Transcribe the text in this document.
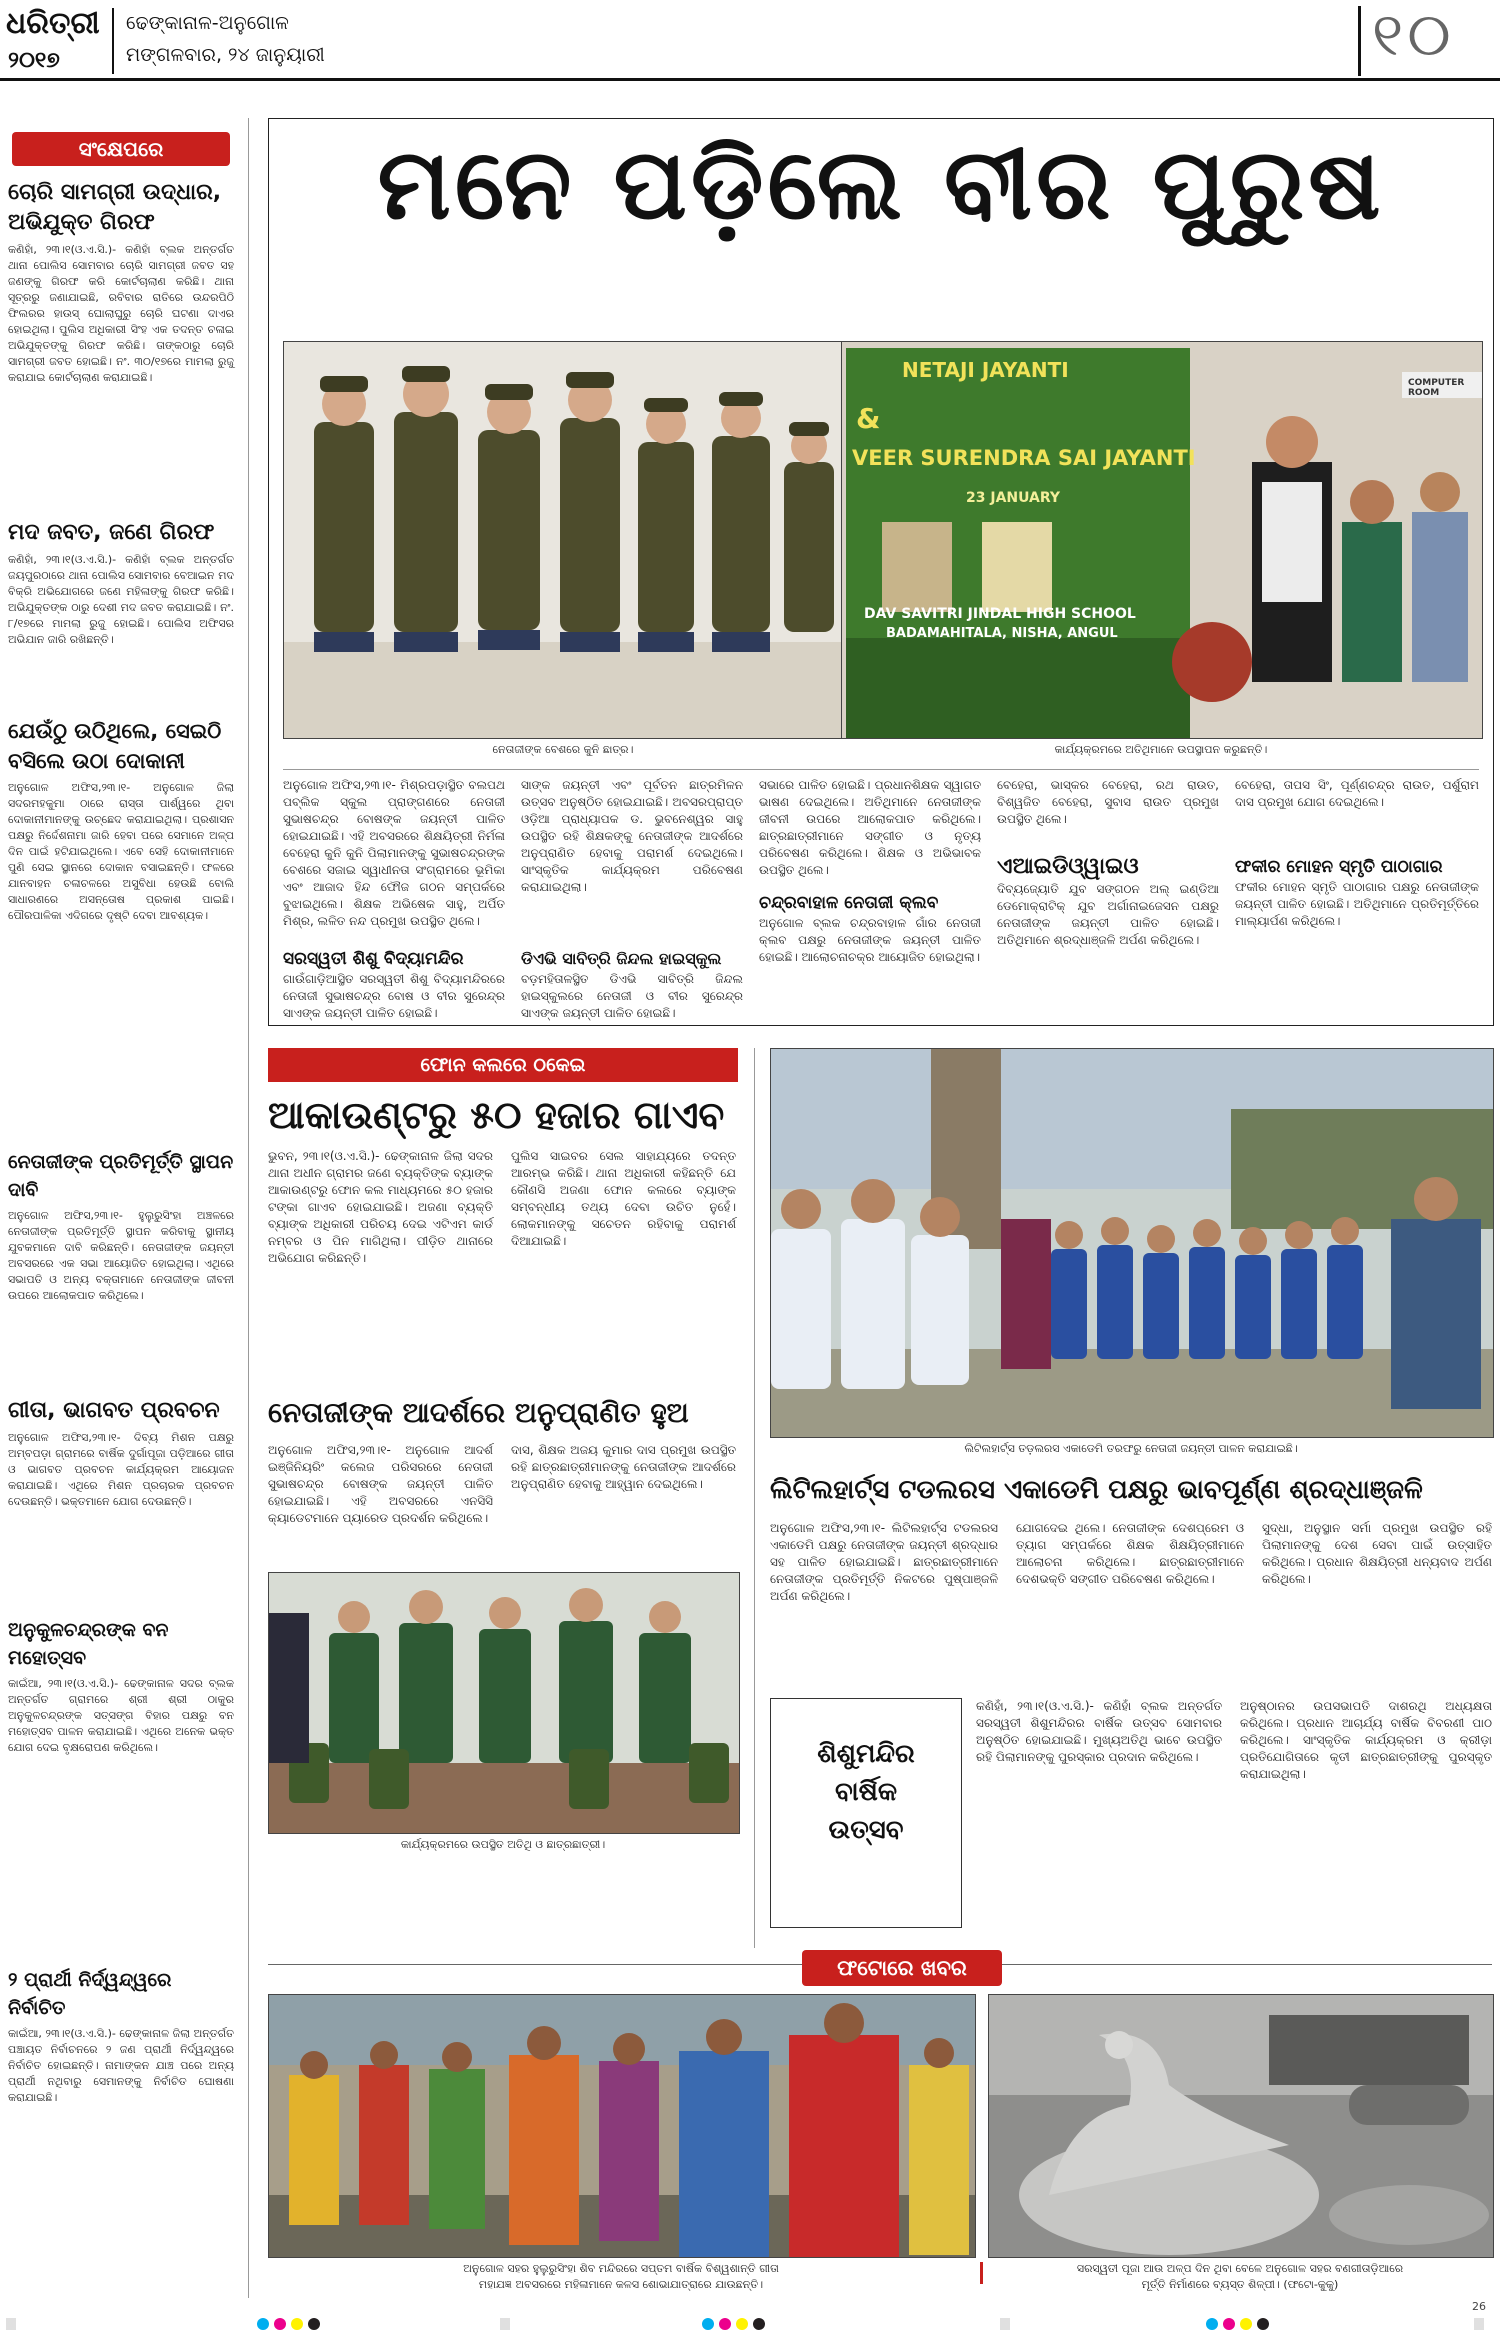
ଧରିତ୍ରୀ
୨୦୧୭
ଢେଙ୍କାନାଳ-ଅନୁଗୋଳ
ମଙ୍ଗଳବାର, ୨୪ ଜାନୁୟାରୀ	୧୦
ସଂକ୍ଷେପରେ
ଚୋରି ସାମଗ୍ରୀ ଉଦ୍ଧାର, ଅଭିଯୁକ୍ତ ଗିରଫ
କଣିହାଁ, ୨୩।୧(ଓ.ଏ.ସି.)- କଣିହାଁ ବ୍ଲକ ଅନ୍ତର୍ଗତ ଥାନା ପୋଲିସ ସୋମବାର ଚୋରି ସାମଗ୍ରୀ ଜବତ ସହ ଜଣଙ୍କୁ ଗିରଫ କରି କୋର୍ଟଚାଲାଣ କରିଛି। ଥାନା ସୂତ୍ରରୁ ଜଣାଯାଇଛି, ରବିବାର ରାତିରେ ଉନ୍ଦରପିଠି ଫିଲରର ହାଉସ୍ ଘୋଲାଘୁରୁ ଚୋରି ଘଟଣା ଦାଏର ହୋଇଥିଲା। ପୁଲିସ ଅଧିକାରୀ ସିଂହ ଏକ ତଦନ୍ତ ଚଳାଇ ଅଭିଯୁକ୍ତଙ୍କୁ ଗିରଫ କରିଛି। ତାଙ୍କଠାରୁ ଚୋରି ସାମଗ୍ରୀ ଜବତ ହୋଇଛି। ନଂ. ୩୦/୧୭ରେ ମାମଲା ରୁଜୁ କରାଯାଇ କୋର୍ଟଚାଲାଣ କରାଯାଇଛି।
ମଦ ଜବତ, ଜଣେ ଗିରଫ
କଣିହାଁ, ୨୩।୧(ଓ.ଏ.ସି.)- କଣିହାଁ ବ୍ଲକ ଅନ୍ତର୍ଗତ ଜୟପୁରଠାରେ ଥାନା ପୋଲିସ ସୋମବାର ବେଆଇନ ମଦ ବିକ୍ରି ଅଭିଯୋଗରେ ଜଣେ ମହିଳାଙ୍କୁ ଗିରଫ କରିଛି। ଅଭିଯୁକ୍ତଙ୍କ ଠାରୁ ଦେଶୀ ମଦ ଜବତ କରାଯାଇଛି। ନଂ. ୮/୧୭ରେ ମାମଲା ରୁଜୁ ହୋଇଛି। ପୋଲିସ ଅଫିସର ଅଭିଯାନ ଜାରି ରଖିଛନ୍ତି।
ଯେଉଁଠୁ ଉଠିଥିଲେ, ସେଇଠି ବସିଲେ ଉଠା ଦୋକାନୀ
ଅନୁଗୋଳ ଅଫିସ,୨୩।୧- ଅନୁଗୋଳ ଜିଲା ସଦରମହକୁମା ଠାରେ ରାସ୍ତା ପାର୍ଶ୍ୱରେ ଥିବା ଦୋକାନୀମାନଙ୍କୁ ଉଚ୍ଛେଦ କରାଯାଇଥିଲା। ପ୍ରଶାସନ ପକ୍ଷରୁ ନିର୍ଦ୍ଦେଶନାମା ଜାରି ହେବା ପରେ ସେମାନେ ଅଳ୍ପ ଦିନ ପାଇଁ ହଟିଯାଇଥିଲେ। ଏବେ ସେହି ଦୋକାନୀମାନେ ପୁଣି ସେଇ ସ୍ଥାନରେ ଦୋକାନ ବସାଇଛନ୍ତି। ଫଳରେ ଯାନବାହନ ଚଳାଚଳରେ ଅସୁବିଧା ହେଉଛି ବୋଲି ସାଧାରଣରେ ଅସନ୍ତୋଷ ପ୍ରକାଶ ପାଇଛି। ପୌରପାଳିକା ଏଦିଗରେ ଦୃଷ୍ଟି ଦେବା ଆବଶ୍ୟକ।
ନେତାଜୀଙ୍କ ପ୍ରତିମୂର୍ତ୍ତି ସ୍ଥାପନ ଦାବି
ଅନୁଗୋଳ ଅଫିସ,୨୩।୧- ହୁଲୁରୁସିଂହା ଅଞ୍ଚଳରେ ନେତାଜୀଙ୍କ ପ୍ରତିମୂର୍ତ୍ତି ସ୍ଥାପନ କରିବାକୁ ସ୍ଥାନୀୟ ଯୁବକମାନେ ଦାବି କରିଛନ୍ତି। ନେତାଜୀଙ୍କ ଜୟନ୍ତୀ ଅବସରରେ ଏକ ସଭା ଆୟୋଜିତ ହୋଇଥିଲା। ଏଥିରେ ସଭାପତି ଓ ଅନ୍ୟ ବକ୍ତାମାନେ ନେତାଜୀଙ୍କ ଜୀବନୀ ଉପରେ ଆଲୋକପାତ କରିଥିଲେ।
ଗୀତା, ଭାଗବତ ପ୍ରବଚନ
ଅନୁଗୋଳ ଅଫିସ,୨୩।୧- ଦିବ୍ୟ ମିଶନ ପକ୍ଷରୁ ଅମ୍ବପଡ଼ା ଗ୍ରାମରେ ବାର୍ଷିକ ଦୁର୍ଗାପୂଜା ପଡ଼ିଆରେ ଗୀତା ଓ ଭାଗବତ ପ୍ରବଚନ କାର୍ଯ୍ୟକ୍ରମ ଆୟୋଜନ କରାଯାଇଛି। ଏଥିରେ ମିଶନ ପ୍ରଚାରକ ପ୍ରବଚନ ଦେଉଛନ୍ତି। ଭକ୍ତମାନେ ଯୋଗ ଦେଉଛନ୍ତି।
ଅନୁକୁଳଚନ୍ଦ୍ରଙ୍କ ବନ ମହୋତ୍ସବ
କାଇଁଆ, ୨୩।୧(ଓ.ଏ.ସି.)- ଢେଙ୍କାନାଳ ସଦର ବ୍ଲକ ଅନ୍ତର୍ଗତ ଗ୍ରାମରେ ଶ୍ରୀ ଶ୍ରୀ ଠାକୁର ଅନୁକୁଳଚନ୍ଦ୍ରଙ୍କ ସତ୍ସଙ୍ଗ ବିହାର ପକ୍ଷରୁ ବନ ମହୋତ୍ସବ ପାଳନ କରାଯାଇଛି। ଏଥିରେ ଅନେକ ଭକ୍ତ ଯୋଗ ଦେଇ ବୃକ୍ଷରୋପଣ କରିଥିଲେ।
୨ ପ୍ରାର୍ଥୀ ନିର୍ଦ୍ୱନ୍ଦ୍ୱରେ ନିର୍ବାଚିତ
କାଇଁଆ, ୨୩।୧(ଓ.ଏ.ସି.)- ଢେଙ୍କାନାଳ ଜିଲା ଅନ୍ତର୍ଗତ ପଞ୍ଚାୟତ ନିର୍ବାଚନରେ ୨ ଜଣ ପ୍ରାର୍ଥୀ ନିର୍ଦ୍ୱନ୍ଦ୍ୱରେ ନିର୍ବାଚିତ ହୋଇଛନ୍ତି। ନାମାଙ୍କନ ଯାଞ୍ଚ ପରେ ଅନ୍ୟ ପ୍ରାର୍ଥୀ ନଥିବାରୁ ସେମାନଙ୍କୁ ନିର୍ବାଚିତ ଘୋଷଣା କରାଯାଇଛି।
ମନେ ପଡ଼ିଲେ ବୀର ପୁରୁଷ
ନେତାଜୀଙ୍କ ବେଶରେ କୁନି ଛାତ୍ର।
NETAJI JAYANTI
&
VEER SURENDRA SAI JAYANTI
23 JANUARY
DAV SAVITRI JINDAL HIGH SCHOOL
BADAMAHITALA, NISHA, ANGUL
COMPUTER ROOM
କାର୍ଯ୍ୟକ୍ରମରେ ଅତିଥିମାନେ ଉପସ୍ଥାପନ କରୁଛନ୍ତି।
ଅନୁଗୋଳ ଅଫିସ,୨୩।୧- ମିଶ୍ରପଡ଼ାସ୍ଥିତ ବଲପଥ ପବ୍ଲିକ ସ୍କୁଲ ପ୍ରାଙ୍ଗଣରେ ନେତାଜୀ ସୁଭାଷଚନ୍ଦ୍ର ବୋଷଙ୍କ ଜୟନ୍ତୀ ପାଳିତ ହୋଇଯାଇଛି। ଏହି ଅବସରରେ ଶିକ୍ଷୟିତ୍ରୀ ନିର୍ମଳା ବେହେରା କୁନି କୁନି ପିଲାମାନଙ୍କୁ ସୁଭାଷଚନ୍ଦ୍ରଙ୍କ ବେଶରେ ସଜାଇ ସ୍ୱାଧୀନତା ସଂଗ୍ରାମରେ ଭୂମିକା ଏବଂ ଆଜାଦ ହିନ୍ଦ ଫୌଜ ଗଠନ ସମ୍ପର୍କରେ ବୁଝାଇଥିଲେ। ଶିକ୍ଷକ ଅଭିଷେକ ସାହୁ, ଅର୍ପିତ ମିଶ୍ର, ଲଳିତ ନନ୍ଦ ପ୍ରମୁଖ ଉପସ୍ଥିତ ଥିଲେ।
ସରସ୍ୱତୀ ଶିଶୁ ବିଦ୍ୟାମନ୍ଦିର
ଗାଉଁଗାଡ଼ିଆସ୍ଥିତ ସରସ୍ୱତୀ ଶିଶୁ ବିଦ୍ୟାମନ୍ଦିରରେ ନେତାଜୀ ସୁଭାଷଚନ୍ଦ୍ର ବୋଷ ଓ ବୀର ସୁରେନ୍ଦ୍ର ସାଏଙ୍କ ଜୟନ୍ତୀ ପାଳିତ ହୋଇଛି।
ସାଙ୍କ ଜୟନ୍ତୀ ଏବଂ ପୂର୍ବତନ ଛାତ୍ରମିଳନ ଉତ୍ସବ ଅନୁଷ୍ଠିତ ହୋଇଯାଇଛି। ଅବସରପ୍ରାପ୍ତ ଓଡ଼ିଆ ପ୍ରାଧ୍ୟାପକ ଡ. ଭୁବନେଶ୍ୱର ସାହୁ ଉପସ୍ଥିତ ରହି ଶିକ୍ଷକଙ୍କୁ ନେତାଜୀଙ୍କ ଆଦର୍ଶରେ ଅନୁପ୍ରାଣିତ ହେବାକୁ ପରାମର୍ଶ ଦେଇଥିଲେ। ସାଂସ୍କୃତିକ କାର୍ଯ୍ୟକ୍ରମ ପରିବେଷଣ କରାଯାଇଥିଲା।
ଡିଏଭି ସାବିତ୍ରି ଜିନ୍ଦଲ ହାଇସ୍କୁଲ
ବଡ଼ମହିତାଳସ୍ଥିତ ଡିଏଭି ସାବିତ୍ରି ଜିନ୍ଦଲ ହାଇସ୍କୁଲରେ ନେତାଜୀ ଓ ବୀର ସୁରେନ୍ଦ୍ର ସାଏଙ୍କ ଜୟନ୍ତୀ ପାଳିତ ହୋଇଛି।
ସଭାରେ ପାଳିତ ହୋଇଛି। ପ୍ରଧାନଶିକ୍ଷକ ସ୍ୱାଗତ ଭାଷଣ ଦେଇଥିଲେ। ଅତିଥିମାନେ ନେତାଜୀଙ୍କ ଜୀବନୀ ଉପରେ ଆଲୋକପାତ କରିଥିଲେ। ଛାତ୍ରଛାତ୍ରୀମାନେ ସଙ୍ଗୀତ ଓ ନୃତ୍ୟ ପରିବେଷଣ କରିଥିଲେ। ଶିକ୍ଷକ ଓ ଅଭିଭାବକ ଉପସ୍ଥିତ ଥିଲେ।
ଚନ୍ଦ୍ରବାହାଳ ନେତାଜୀ କ୍ଲବ
ଅନୁଗୋଳ ବ୍ଲକ ଚନ୍ଦ୍ରବାହାଳ ଗାଁର ନେତାଜୀ କ୍ଲବ ପକ୍ଷରୁ ନେତାଜୀଙ୍କ ଜୟନ୍ତୀ ପାଳିତ ହୋଇଛି। ଆଲୋଚନାଚକ୍ର ଆୟୋଜିତ ହୋଇଥିଲା।
ବେହେରା, ଭାସ୍କର ବେହେରା, ରଥ ରାଉତ, ବିଶ୍ୱଜିତ ବେହେରା, ସୁବାସ ରାଉତ ପ୍ରମୁଖ ଉପସ୍ଥିତ ଥିଲେ।
ଏଆଇଡିଓ୍ୱାଇଓ
ଦିବ୍ୟଜ୍ୟୋତି ଯୁବ ସଙ୍ଗଠନ ଅଲ୍ ଇଣ୍ଡିଆ ଡେମୋକ୍ରାଟିକ୍ ଯୁବ ଅର୍ଗାନାଇଜେସନ ପକ୍ଷରୁ ନେତାଜୀଙ୍କ ଜୟନ୍ତୀ ପାଳିତ ହୋଇଛି। ଅତିଥିମାନେ ଶ୍ରଦ୍ଧାଞ୍ଜଳି ଅର୍ପଣ କରିଥିଲେ।
ବେହେରା, ତାପସ ସିଂ, ପୂର୍ଣ୍ଣଚନ୍ଦ୍ର ରାଉତ, ପର୍ଶୁରାମ ଦାସ ପ୍ରମୁଖ ଯୋଗ ଦେଇଥିଲେ।
ଫକୀର ମୋହନ ସ୍ମୃତି ପାଠାଗାର
ଫକୀର ମୋହନ ସ୍ମୃତି ପାଠାଗାର ପକ୍ଷରୁ ନେତାଜୀଙ୍କ ଜୟନ୍ତୀ ପାଳିତ ହୋଇଛି। ଅତିଥିମାନେ ପ୍ରତିମୂର୍ତ୍ତିରେ ମାଲ୍ୟାର୍ପଣ କରିଥିଲେ।
ଫୋନ କଲରେ ଠକେଇ
ଆକାଉଣ୍ଟରୁ ୫୦ ହଜାର ଗାଏବ
ଭୁବନ, ୨୩।୧(ଓ.ଏ.ସି.)- ଢେଙ୍କାନାଳ ଜିଲା ସଦର ଥାନା ଅଧୀନ ଗ୍ରାମର ଜଣେ ବ୍ୟକ୍ତିଙ୍କ ବ୍ୟାଙ୍କ ଆକାଉଣ୍ଟରୁ ଫୋନ କଲ ମାଧ୍ୟମରେ ୫୦ ହଜାର ଟଙ୍କା ଗାଏବ ହୋଇଯାଇଛି। ଅଜଣା ବ୍ୟକ୍ତି ବ୍ୟାଙ୍କ ଅଧିକାରୀ ପରିଚୟ ଦେଇ ଏଟିଏମ କାର୍ଡ ନମ୍ବର ଓ ପିନ ମାଗିଥିଲା। ପୀଡ଼ିତ ଥାନାରେ ଅଭିଯୋଗ କରିଛନ୍ତି।
ପୁଲିସ ସାଇବର ସେଲ ସାହାଯ୍ୟରେ ତଦନ୍ତ ଆରମ୍ଭ କରିଛି। ଥାନା ଅଧିକାରୀ କହିଛନ୍ତି ଯେ କୌଣସି ଅଜଣା ଫୋନ କଲରେ ବ୍ୟାଙ୍କ ସମ୍ବନ୍ଧୀୟ ତଥ୍ୟ ଦେବା ଉଚିତ ନୁହେଁ। ଲୋକମାନଙ୍କୁ ସଚେତନ ରହିବାକୁ ପରାମର୍ଶ ଦିଆଯାଇଛି।
ନେତାଜୀଙ୍କ ଆଦର୍ଶରେ ଅନୁପ୍ରାଣିତ ହୁଅ
ଅନୁଗୋଳ ଅଫିସ,୨୩।୧- ଅନୁଗୋଳ ଆଦର୍ଶ ଇଞ୍ଜିନିୟରିଂ କଲେଜ ପରିସରରେ ନେତାଜୀ ସୁଭାଷଚନ୍ଦ୍ର ବୋଷଙ୍କ ଜୟନ୍ତୀ ପାଳିତ ହୋଇଯାଇଛି। ଏହି ଅବସରରେ ଏନସିସି କ୍ୟାଡେଟମାନେ ପ୍ୟାରେଡ ପ୍ରଦର୍ଶନ କରିଥିଲେ।
ଦାସ, ଶିକ୍ଷକ ଅଜୟ କୁମାର ଦାସ ପ୍ରମୁଖ ଉପସ୍ଥିତ ରହି ଛାତ୍ରଛାତ୍ରୀମାନଙ୍କୁ ନେତାଜୀଙ୍କ ଆଦର୍ଶରେ ଅନୁପ୍ରାଣିତ ହେବାକୁ ଆହ୍ୱାନ ଦେଇଥିଲେ।
କାର୍ଯ୍ୟକ୍ରମରେ ଉପସ୍ଥିତ ଅତିଥି ଓ ଛାତ୍ରଛାତ୍ରୀ।
ଲିଟିଲହାର୍ଟ୍ସ ତଡ଼ଲରସ ଏକାଡେମି ତରଫରୁ ନେତାଜୀ ଜୟନ୍ତୀ ପାଳନ କରାଯାଇଛି।
ଲିଟିଲହାର୍ଟ୍ସ ଟଡଲରସ ଏକାଡେମି ପକ୍ଷରୁ ଭାବପୂର୍ଣ୍ଣ ଶ୍ରଦ୍ଧାଞ୍ଜଳି
ଅନୁଗୋଳ ଅଫିସ,୨୩।୧- ଲିଟିଲହାର୍ଟ୍ସ ଟଡଲରସ ଏକାଡେମି ପକ୍ଷରୁ ନେତାଜୀଙ୍କ ଜୟନ୍ତୀ ଶ୍ରଦ୍ଧାର ସହ ପାଳିତ ହୋଇଯାଇଛି। ଛାତ୍ରଛାତ୍ରୀମାନେ ନେତାଜୀଙ୍କ ପ୍ରତିମୂର୍ତ୍ତି ନିକଟରେ ପୁଷ୍ପାଞ୍ଜଳି ଅର୍ପଣ କରିଥିଲେ।
ଯୋଗଦେଇ ଥିଲେ। ନେତାଜୀଙ୍କ ଦେଶପ୍ରେମ ଓ ତ୍ୟାଗ ସମ୍ପର୍କରେ ଶିକ୍ଷକ ଶିକ୍ଷୟିତ୍ରୀମାନେ ଆଲୋଚନା କରିଥିଲେ। ଛାତ୍ରଛାତ୍ରୀମାନେ ଦେଶଭକ୍ତି ସଙ୍ଗୀତ ପରିବେଷଣ କରିଥିଲେ।
ସୁଦ୍ଧା, ଅନୁସ୍ଥାନ ସର୍ମା ପ୍ରମୁଖ ଉପସ୍ଥିତ ରହି ପିଲାମାନଙ୍କୁ ଦେଶ ସେବା ପାଇଁ ଉତ୍ସାହିତ କରିଥିଲେ। ପ୍ରଧାନ ଶିକ୍ଷୟିତ୍ରୀ ଧନ୍ୟବାଦ ଅର୍ପଣ କରିଥିଲେ।
ଶିଶୁମନ୍ଦିର
ବାର୍ଷିକ
ଉତ୍ସବ
କଣିହାଁ, ୨୩।୧(ଓ.ଏ.ସି.)- କଣିହାଁ ବ୍ଲକ ଅନ୍ତର୍ଗତ ସରସ୍ୱତୀ ଶିଶୁମନ୍ଦିରର ବାର୍ଷିକ ଉତ୍ସବ ସୋମବାର ଅନୁଷ୍ଠିତ ହୋଇଯାଇଛି। ମୁଖ୍ୟଅତିଥି ଭାବେ ଉପସ୍ଥିତ ରହି ପିଲାମାନଙ୍କୁ ପୁରସ୍କାର ପ୍ରଦାନ କରିଥିଲେ।
ଅନୁଷ୍ଠାନର ଉପସଭାପତି ଦାଶରଥି ଅଧ୍ୟକ୍ଷତା କରିଥିଲେ। ପ୍ରଧାନ ଆଚାର୍ଯ୍ୟ ବାର୍ଷିକ ବିବରଣୀ ପାଠ କରିଥିଲେ। ସାଂସ୍କୃତିକ କାର୍ଯ୍ୟକ୍ରମ ଓ କ୍ରୀଡ଼ା ପ୍ରତିଯୋଗିତାରେ କୃତୀ ଛାତ୍ରଛାତ୍ରୀଙ୍କୁ ପୁରସ୍କୃତ କରାଯାଇଥିଲା।
ଫଟୋରେ ଖବର
ଅନୁଗୋଳ ସହର ହୁଲୁରୁସିଂହା ଶିବ ମନ୍ଦିରରେ ସପ୍ତମ ବାର୍ଷିକ ବିଶ୍ୱଶାନ୍ତି ଗୀତା
ମହାଯଜ୍ଞ ଅବସରରେ ମହିଳାମାନେ କଳସ ଶୋଭାଯାତ୍ରାରେ ଯାଉଛନ୍ତି।
ସରସ୍ୱତୀ ପୂଜା ଆଉ ଅଳ୍ପ ଦିନ ଥିବା ବେଳେ ଅନୁଗୋଳ ସହର ବଣଗୀତାଡ଼ିଆରେ
ମୂର୍ତ୍ତି ନିର୍ମାଣରେ ବ୍ୟସ୍ତ ଶିଳ୍ପୀ। (ଫଟୋ-କୁକୁ)
26
